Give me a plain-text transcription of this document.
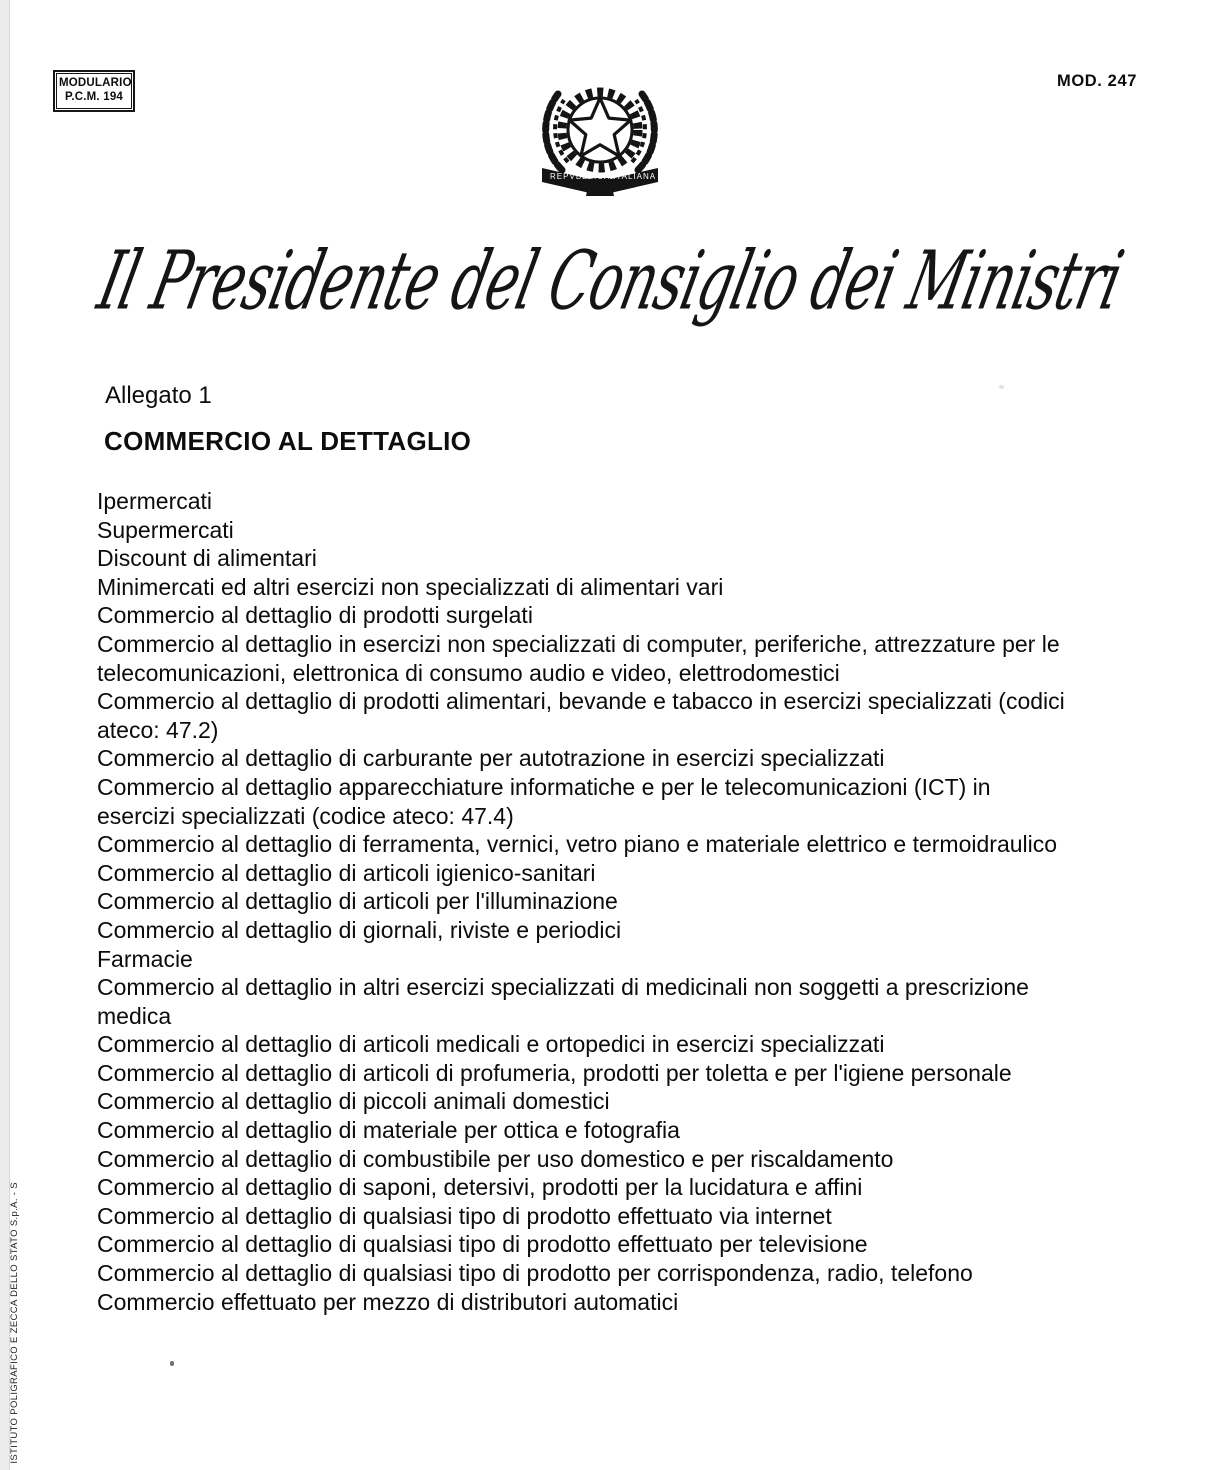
MODULARIO
P.C.M. 194
MOD. 247
REPVBBLICA ITALIANA
Il Presidente del Consiglio dei Ministri
Allegato 1
COMMERCIO AL DETTAGLIO

Ipermercati

Supermercati

Discount di alimentari

Minimercati ed altri esercizi non specializzati di alimentari vari

Commercio al dettaglio di prodotti surgelati

Commercio al dettaglio in esercizi non specializzati di computer, periferiche, attrezzature per le
telecomunicazioni, elettronica di consumo audio e video, elettrodomestici

Commercio al dettaglio di prodotti alimentari, bevande e tabacco in esercizi specializzati (codici
ateco: 47.2)

Commercio al dettaglio di carburante per autotrazione in esercizi specializzati

Commercio al dettaglio apparecchiature informatiche e per le telecomunicazioni (ICT) in
esercizi specializzati (codice ateco: 47.4)

Commercio al dettaglio di ferramenta, vernici, vetro piano e materiale elettrico e termoidraulico

Commercio al dettaglio di articoli igienico-sanitari

Commercio al dettaglio di articoli per l'illuminazione

Commercio al dettaglio di giornali, riviste e periodici

Farmacie

Commercio al dettaglio in altri esercizi specializzati di medicinali non soggetti a prescrizione
medica

Commercio al dettaglio di articoli medicali e ortopedici in esercizi specializzati

Commercio al dettaglio di articoli di profumeria, prodotti per toletta e per l'igiene personale

Commercio al dettaglio di piccoli animali domestici

Commercio al dettaglio di materiale per ottica e fotografia

Commercio al dettaglio di combustibile per uso domestico e per riscaldamento

Commercio al dettaglio di saponi, detersivi, prodotti per la lucidatura e affini

Commercio al dettaglio di qualsiasi tipo di prodotto effettuato via internet

Commercio al dettaglio di qualsiasi tipo di prodotto effettuato per televisione

Commercio al dettaglio di qualsiasi tipo di prodotto per corrispondenza, radio, telefono

Commercio effettuato per mezzo di distributori automatici

ISTITUTO POLIGRAFICO E ZECCA DELLO STATO S.p.A. - S
